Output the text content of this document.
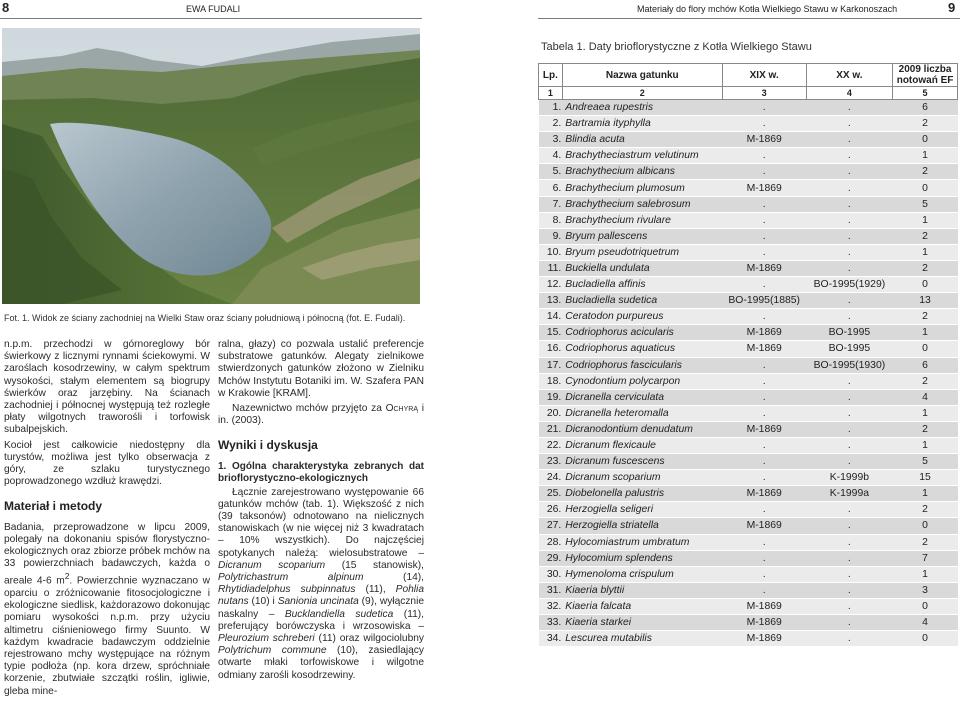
8	EWA FUDALI	Materiały do flory mchów Kotła Wielkiego Stawu w Karkonoszach	9
Fot. 1. Widok ze ściany zachodniej na Wielki Staw oraz ściany południową i północną (fot. E. Fudali).

n.p.m. przechodzi w górnoreglowy bór świerkowy z licznymi rynnami ściekowymi. W zaroślach kosodrzewiny, w całym spektrum wysokości, stałym elementem są biogrupy świerków oraz jarzębiny. Na ścianach zachodniej i północnej występują też rozległe płaty wilgotnych traworośli i torfowisk subalpejskich.

Kocioł jest całkowicie niedostępny dla turystów, możliwa jest tylko obserwacja z góry, ze szlaku turystycznego poprowadzonego wzdłuż krawędzi.

Materiał i metody

Badania, przeprowadzone w lipcu 2009, polegały na dokonaniu spisów florystyczno-ekologicznych oraz zbiorze próbek mchów na 33 powierzchniach badawczych, każda o areale 4-6 $m^2$. Powierzchnie wyznaczano w oparciu o zróżnicowanie fitosocjologiczne i ekologiczne siedlisk, każdorazowo dokonując pomiaru wysokości n.p.m. przy użyciu altimetru ciśnieniowego firmy Suunto. W każdym kwadracie badawczym oddzielnie rejestrowano mchy występujące na różnym typie podłoża (np. kora drzew, spróchniałe korzenie, zbutwiałe szczątki roślin, igliwie, gleba mine-

ralna, głazy) co pozwala ustalić preferencje substratowe gatunków. Alegaty zielnikowe stwierdzonych gatunków złożono w Zielniku Mchów Instytutu Botaniki im. W. Szafera PAN w Krakowie [KRAM].

Nazewnictwo mchów przyjęto za Ochyrą i in. (2003).

Wyniki i dyskusja
1. Ogólna charakterystyka zebranych dat brioflorystyczno-ekologicznych

Łącznie zarejestrowano występowanie 66 gatunków mchów (tab. 1). Większość z nich (39 taksonów) odnotowano na nielicznych stanowiskach (w nie więcej niż 3 kwadratach – 10% wszystkich). Do najczęściej spotykanych należą: wielosubstratowe – Dicranum scoparium (15 stanowisk), Polytrichastrum alpinum (14), Rhytidiadelphus subpinnatus (11), Pohlia nutans (10) i Sanionia uncinata (9), wyłącznie naskalny – Bucklandiella sudetica (11), preferujący borówczyska i wrzosowiska – Pleurozium schreberi (11) oraz wilgociolubny Polytrichum commune (10), zasiedlający otwarte młaki torfowiskowe i wilgotne odmiany zarośli kosodrzewiny.

Tabela 1. Daty brioflorystyczne z Kotła Wielkiego Stawu
Lp.	Nazwa gatunku	XIX w.	XX w.	2009 liczba notowań EF
1	2	3	4	5
1.	Andreaea rupestris	.	.	6
2.	Bartramia ityphylla	.	.	2
3.	Blindia acuta	M-1869	.	0
4.	Brachytheciastrum velutinum	.	.	1
5.	Brachythecium albicans	.	.	2
6.	Brachythecium plumosum	M-1869	.	0
7.	Brachythecium salebrosum	.	.	5
8.	Brachythecium rivulare	.	.	1
9.	Bryum pallescens	.	.	2
10.	Bryum pseudotriquetrum	.	.	1
11.	Buckiella undulata	M-1869	.	2
12.	Bucladiella affinis	.	BO-1995(1929)	0
13.	Bucladiella sudetica	BO-1995(1885)	.	13
14.	Ceratodon purpureus	.	.	2
15.	Codriophorus acicularis	M-1869	BO-1995	1
16.	Codriophorus aquaticus	M-1869	BO-1995	0
17.	Codriophorus fascicularis	.	BO-1995(1930)	6
18.	Cynodontium polycarpon	.	.	2
19.	Dicranella cerviculata	.	.	4
20.	Dicranella heteromalla	.	.	1
21.	Dicranodontium denudatum	M-1869	.	2
22.	Dicranum flexicaule	.	.	1
23.	Dicranum fuscescens	.	.	5
24.	Dicranum scoparium	.	K-1999b	15
25.	Diobelonella palustris	M-1869	K-1999a	1
26.	Herzogiella seligeri	.	.	2
27.	Herzogiella striatella	M-1869	.	0
28.	Hylocomiastrum umbratum	.	.	2
29.	Hylocomium splendens	.	.	7
30.	Hymenoloma crispulum	.	.	1
31.	Kiaeria blyttii	.	.	3
32.	Kiaeria falcata	M-1869	.	0
33.	Kiaeria starkei	M-1869	.	4
34.	Lescurea mutabilis	M-1869	.	0
